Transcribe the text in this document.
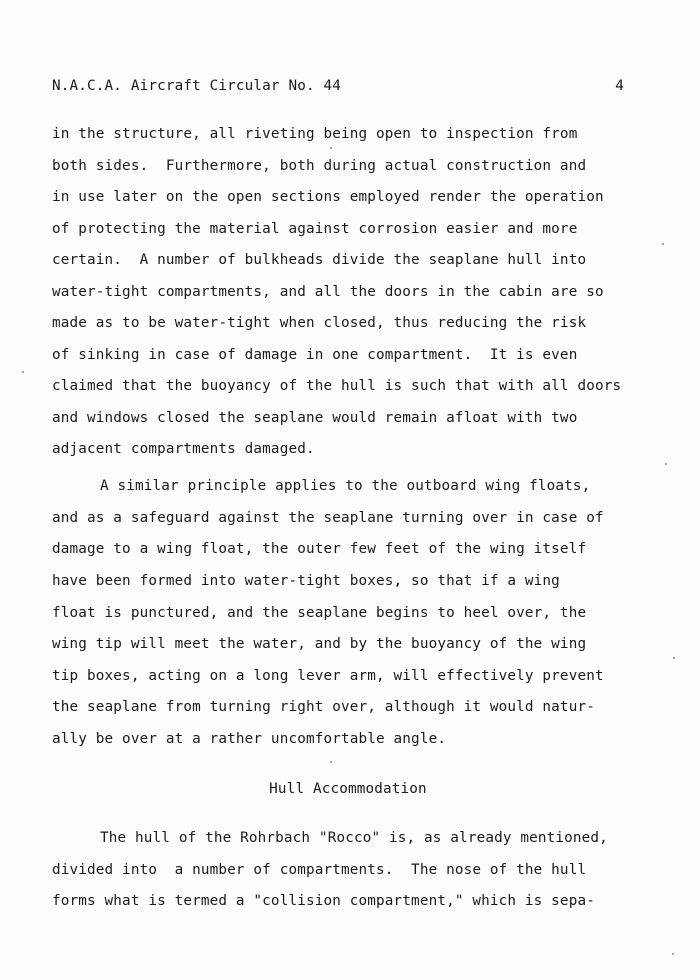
N.A.C.A. Aircraft Circular No. 44	4
in the structure, all riveting being open to inspection from
both sides.  Furthermore, both during actual construction and
in use later on the open sections employed render the operation
of protecting the material against corrosion easier and more
certain.  A number of bulkheads divide the seaplane hull into
water-tight compartments, and all the doors in the cabin are so
made as to be water-tight when closed, thus reducing the risk
of sinking in case of damage in one compartment.  It is even
claimed that the buoyancy of the hull is such that with all doors
and windows closed the seaplane would remain afloat with two
adjacent compartments damaged.
A similar principle applies to the outboard wing floats,
and as a safeguard against the seaplane turning over in case of
damage to a wing float, the outer few feet of the wing itself
have been formed into water-tight boxes, so that if a wing
float is punctured, and the seaplane begins to heel over, the
wing tip will meet the water, and by the buoyancy of the wing
tip boxes, acting on a long lever arm, will effectively prevent
the seaplane from turning right over, although it would natur-
ally be over at a rather uncomfortable angle.
Hull Accommodation
The hull of the Rohrbach "Rocco" is, as already mentioned,
divided into  a number of compartments.  The nose of the hull
forms what is termed a "collision compartment," which is sepa-
